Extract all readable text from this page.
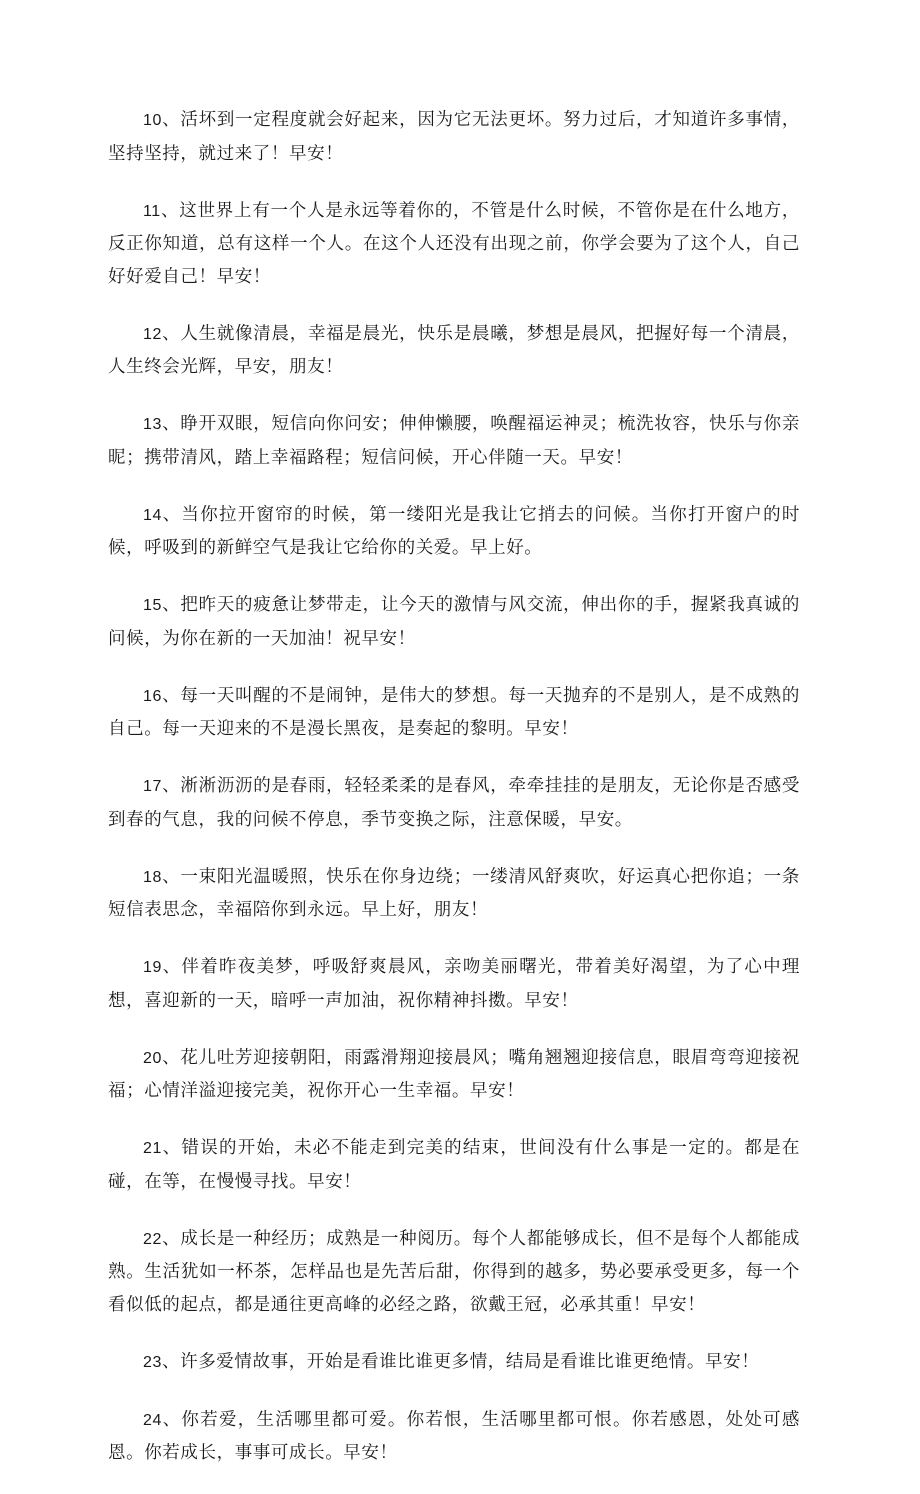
10、活坏到一定程度就会好起来，因为它无法更坏。努力过后，才知道许多事情，坚持坚持，就过来了！早安！

11、这世界上有一个人是永远等着你的，不管是什么时候，不管你是在什么地方，反正你知道，总有这样一个人。在这个人还没有出现之前，你学会要为了这个人，自己好好爱自己！早安！

12、人生就像清晨，幸福是晨光，快乐是晨曦，梦想是晨风，把握好每一个清晨，人生终会光辉，早安，朋友！

13、睁开双眼，短信向你问安；伸伸懒腰，唤醒福运神灵；梳洗妆容，快乐与你亲昵；携带清风，踏上幸福路程；短信问候，开心伴随一天。早安！

14、当你拉开窗帘的时候，第一缕阳光是我让它捎去的问候。当你打开窗户的时候，呼吸到的新鲜空气是我让它给你的关爱。早上好。

15、把昨天的疲惫让梦带走，让今天的激情与风交流，伸出你的手，握紧我真诚的问候，为你在新的一天加油！祝早安！

16、每一天叫醒的不是闹钟，是伟大的梦想。每一天抛弃的不是别人，是不成熟的自己。每一天迎来的不是漫长黑夜，是奏起的黎明。早安！

17、淅淅沥沥的是春雨，轻轻柔柔的是春风，牵牵挂挂的是朋友，无论你是否感受到春的气息，我的问候不停息，季节变换之际，注意保暖，早安。

18、一束阳光温暖照，快乐在你身边绕；一缕清风舒爽吹，好运真心把你追；一条短信表思念，幸福陪你到永远。早上好，朋友！

19、伴着昨夜美梦，呼吸舒爽晨风，亲吻美丽曙光，带着美好渴望，为了心中理想，喜迎新的一天，暗呼一声加油，祝你精神抖擞。早安！

20、花儿吐芳迎接朝阳，雨露滑翔迎接晨风；嘴角翘翘迎接信息，眼眉弯弯迎接祝福；心情洋溢迎接完美，祝你开心一生幸福。早安！

21、错误的开始，未必不能走到完美的结束，世间没有什么事是一定的。都是在碰，在等，在慢慢寻找。早安！

22、成长是一种经历；成熟是一种阅历。每个人都能够成长，但不是每个人都能成熟。生活犹如一杯茶，怎样品也是先苦后甜，你得到的越多，势必要承受更多，每一个看似低的起点，都是通往更高峰的必经之路，欲戴王冠，必承其重！早安！

23、许多爱情故事，开始是看谁比谁更多情，结局是看谁比谁更绝情。早安！

24、你若爱，生活哪里都可爱。你若恨，生活哪里都可恨。你若感恩，处处可感恩。你若成长，事事可成长。早安！
